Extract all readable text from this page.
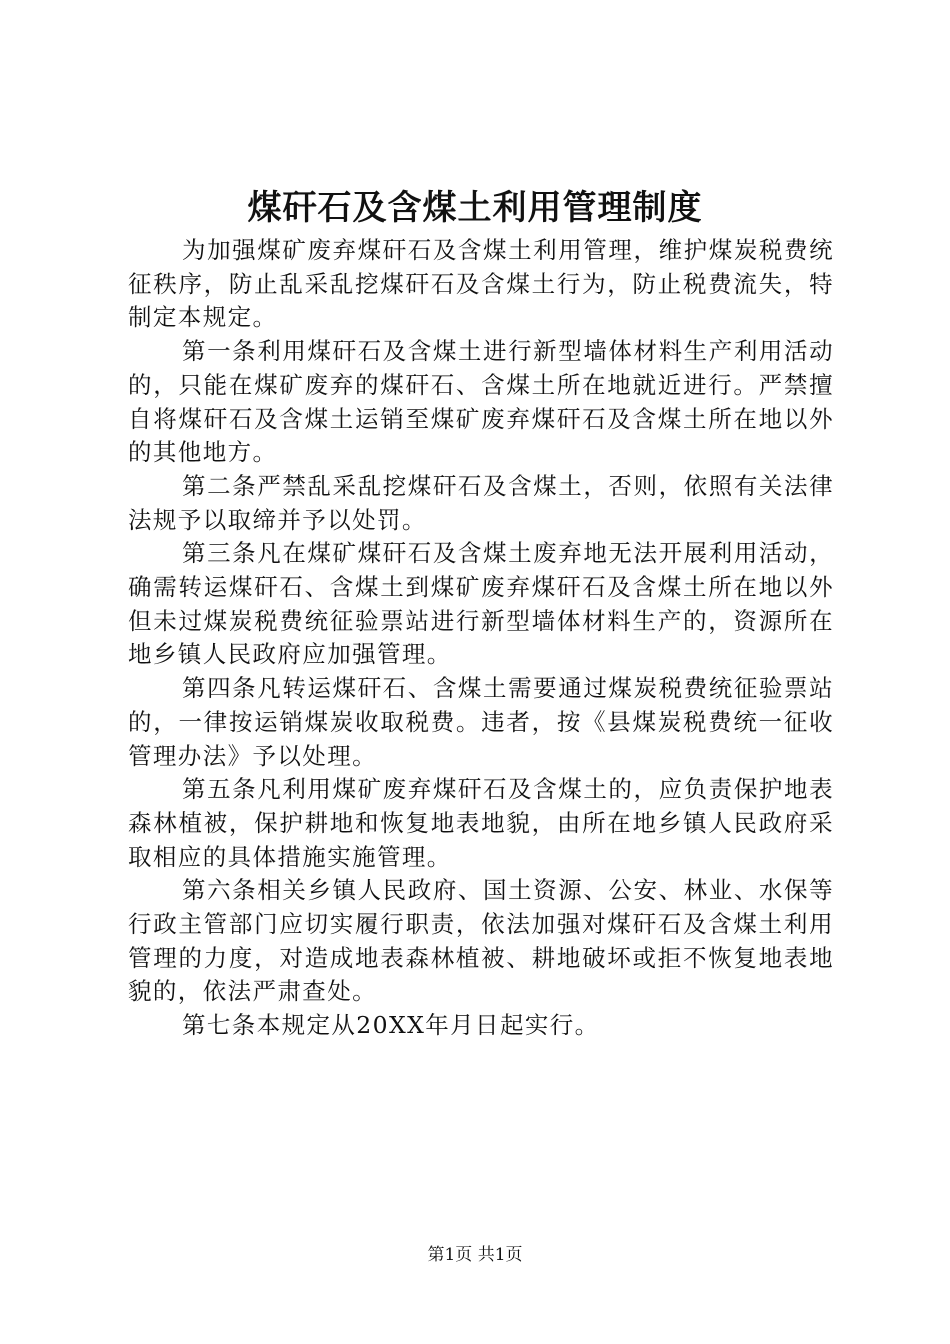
煤矸石及含煤土利用管理制度

为加强煤矿废弃煤矸石及含煤土利用管理，维护煤炭税费统征秩序，防止乱采乱挖煤矸石及含煤土行为，防止税费流失，特制定本规定。

第一条利用煤矸石及含煤土进行新型墙体材料生产利用活动的，只能在煤矿废弃的煤矸石、含煤土所在地就近进行。严禁擅自将煤矸石及含煤土运销至煤矿废弃煤矸石及含煤土所在地以外的其他地方。

第二条严禁乱采乱挖煤矸石及含煤土，否则，依照有关法律法规予以取缔并予以处罚。

第三条凡在煤矿煤矸石及含煤土废弃地无法开展利用活动，确需转运煤矸石、含煤土到煤矿废弃煤矸石及含煤土所在地以外但未过煤炭税费统征验票站进行新型墙体材料生产的，资源所在地乡镇人民政府应加强管理。

第四条凡转运煤矸石、含煤土需要通过煤炭税费统征验票站的，一律按运销煤炭收取税费。违者，按《县煤炭税费统一征收管理办法》予以处理。

第五条凡利用煤矿废弃煤矸石及含煤土的，应负责保护地表森林植被，保护耕地和恢复地表地貌，由所在地乡镇人民政府采取相应的具体措施实施管理。

第六条相关乡镇人民政府、国土资源、公安、林业、水保等行政主管部门应切实履行职责，依法加强对煤矸石及含煤土利用管理的力度，对造成地表森林植被、耕地破坏或拒不恢复地表地貌的，依法严肃查处。

第七条本规定从20XX年月日起实行。

第1页 共1页
